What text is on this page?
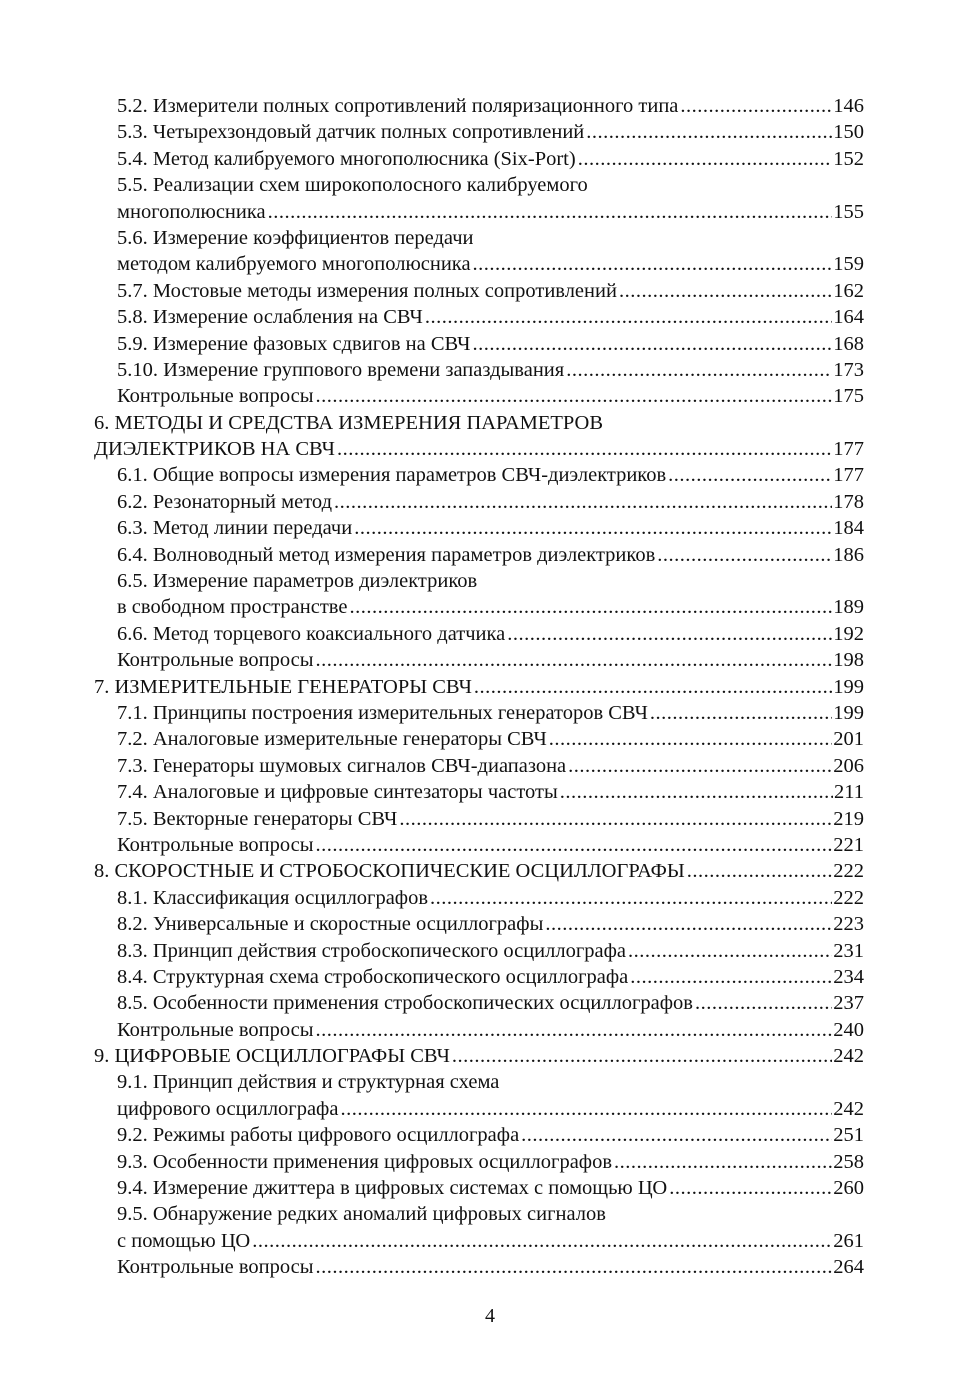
5.2. Измерители полных сопротивлений поляризационного типа .....	146
5.3. Четырехзондовый датчик полных сопротивлений .....	150
5.4. Метод калибруемого многополюсника (Six-Port) .....	152
5.5. Реализации схем широкополосного калибруемого
многополюсника .....	155
5.6. Измерение коэффициентов передачи
методом калибруемого многополюсника .....	159
5.7. Мостовые методы измерения полных сопротивлений .....	162
5.8. Измерение ослабления на СВЧ .....	164
5.9. Измерение фазовых сдвигов на СВЧ .....	168
5.10. Измерение группового времени запаздывания .....	173
Контрольные вопросы .....	175
6. МЕТОДЫ И СРЕДСТВА ИЗМЕРЕНИЯ ПАРАМЕТРОВ
ДИЭЛЕКТРИКОВ НА СВЧ .....	177
6.1. Общие вопросы измерения параметров СВЧ-диэлектриков .....	177
6.2. Резонаторный метод .....	178
6.3. Метод линии передачи .....	184
6.4. Волноводный метод измерения параметров диэлектриков .....	186
6.5. Измерение параметров диэлектриков
в свободном пространстве .....	189
6.6. Метод торцевого коаксиального датчика .....	192
Контрольные вопросы .....	198
7. ИЗМЕРИТЕЛЬНЫЕ ГЕНЕРАТОРЫ СВЧ .....	199
7.1. Принципы построения измерительных генераторов СВЧ .....	199
7.2. Аналоговые измерительные генераторы СВЧ .....	201
7.3. Генераторы шумовых сигналов СВЧ-диапазона .....	206
7.4. Аналоговые и цифровые синтезаторы частоты .....	211
7.5. Векторные генераторы СВЧ .....	219
Контрольные вопросы .....	221
8. СКОРОСТНЫЕ И СТРОБОСКОПИЧЕСКИЕ ОСЦИЛЛОГРАФЫ .....	222
8.1. Классификация осциллографов .....	222
8.2. Универсальные и скоростные осциллографы .....	223
8.3. Принцип действия стробоскопического осциллографа .....	231
8.4. Структурная схема стробоскопического осциллографа .....	234
8.5. Особенности применения стробоскопических осциллографов .....	237
Контрольные вопросы .....	240
9. ЦИФРОВЫЕ ОСЦИЛЛОГРАФЫ СВЧ .....	242
9.1. Принцип действия и структурная схема
цифрового осциллографа .....	242
9.2. Режимы работы цифрового осциллографа .....	251
9.3. Особенности применения цифровых осциллографов .....	258
9.4. Измерение джиттера в цифровых системах с помощью ЦО .....	260
9.5. Обнаружение редких аномалий цифровых сигналов
с помощью ЦО .....	261
Контрольные вопросы .....	264
4
